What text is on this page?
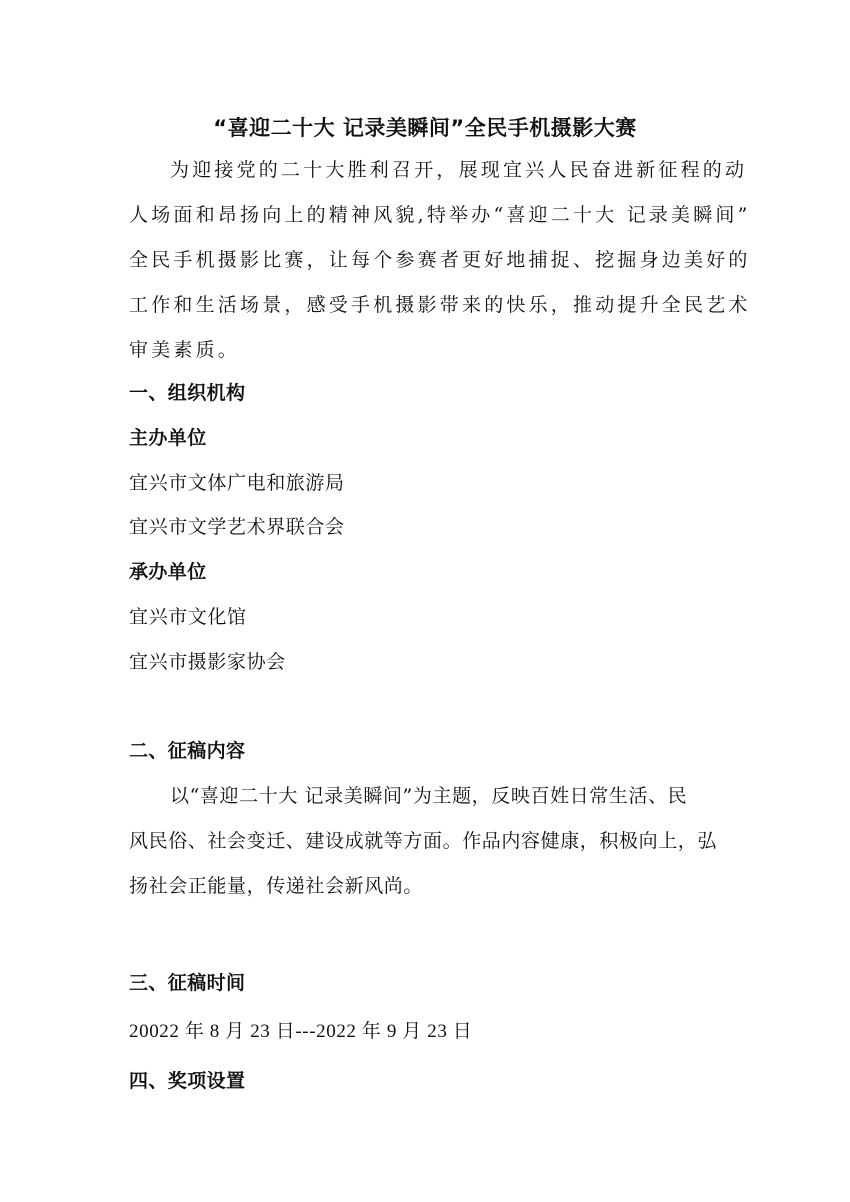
“喜迎二十大 记录美瞬间”全民手机摄影大赛
为迎接党的二十大胜利召开，展现宜兴人民奋进新征程的动
人场面和昂扬向上的精神风貌,特举办“喜迎二十大 记录美瞬间”
全民手机摄影比赛，让每个参赛者更好地捕捉、挖掘身边美好的
工作和生活场景，感受手机摄影带来的快乐，推动提升全民艺术
审美素质。
一、组织机构
主办单位
宜兴市文体广电和旅游局
宜兴市文学艺术界联合会
承办单位
宜兴市文化馆
宜兴市摄影家协会
二、征稿内容
以“喜迎二十大 记录美瞬间”为主题，反映百姓日常生活、民
风民俗、社会变迁、建设成就等方面。作品内容健康，积极向上，弘
扬社会正能量，传递社会新风尚。
三、征稿时间
20022 年 8 月 23 日---2022 年 9 月 23 日
四、奖项设置
